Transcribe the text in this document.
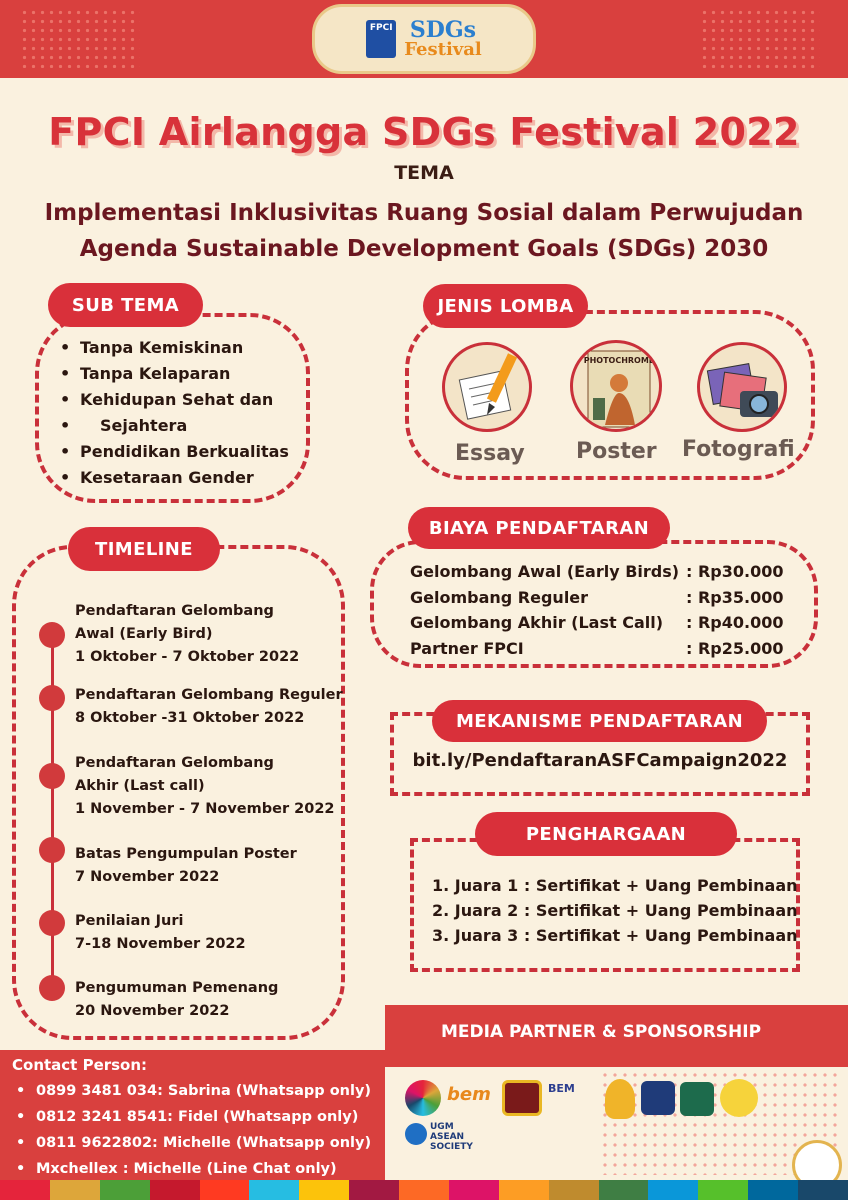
FPCI SDGs
Festival
FPCI Airlangga SDGs Festival 2022
TEMA
Implementasi Inklusivitas Ruang Sosial dalam Perwujudan
Agenda Sustainable Development Goals (SDGs) 2030
SUB TEMA
• Tanpa Kemiskinan
• Tanpa Kelaparan
• Kehidupan Sehat dan
• Sejahtera
• Pendidikan Berkualitas
• Kesetaraan Gender
JENIS LOMBA
Essay
PHOTOCHROME
Poster Fotografi
BIAYA PENDAFTARAN
Gelombang Awal (Early Birds)
Gelombang Reguler
Gelombang Akhir (Last Call)
Partner FPCI
: Rp30.000
: Rp35.000
: Rp40.000
: Rp25.000
TIMELINE
Pendaftaran Gelombang
Awal (Early Bird)
1 Oktober - 7 Oktober 2022
Pendaftaran Gelombang Reguler
8 Oktober -31 Oktober 2022
Pendaftaran Gelombang
Akhir (Last call)
1 November - 7 November 2022
Batas Pengumpulan Poster
7 November 2022
Penilaian Juri
7-18 November 2022
Pengumuman Pemenang
20 November 2022
MEKANISME PENDAFTARAN
bit.ly/PendaftaranASFCampaign2022
PENGHARGAAN
1. Juara 1 : Sertifikat + Uang Pembinaan
2. Juara 2 : Sertifikat + Uang Pembinaan
3. Juara 3 : Sertifikat + Uang Pembinaan
MEDIA PARTNER & SPONSORSHIP
bem	BEM
UGM
ASEAN
SOCIETY
Contact Person:
• 0899 3481 034: Sabrina (Whatsapp only)
• 0812 3241 8541: Fidel (Whatsapp only)
• 0811 9622802: Michelle (Whatsapp only)
• Mxchellex : Michelle (Line Chat only)
